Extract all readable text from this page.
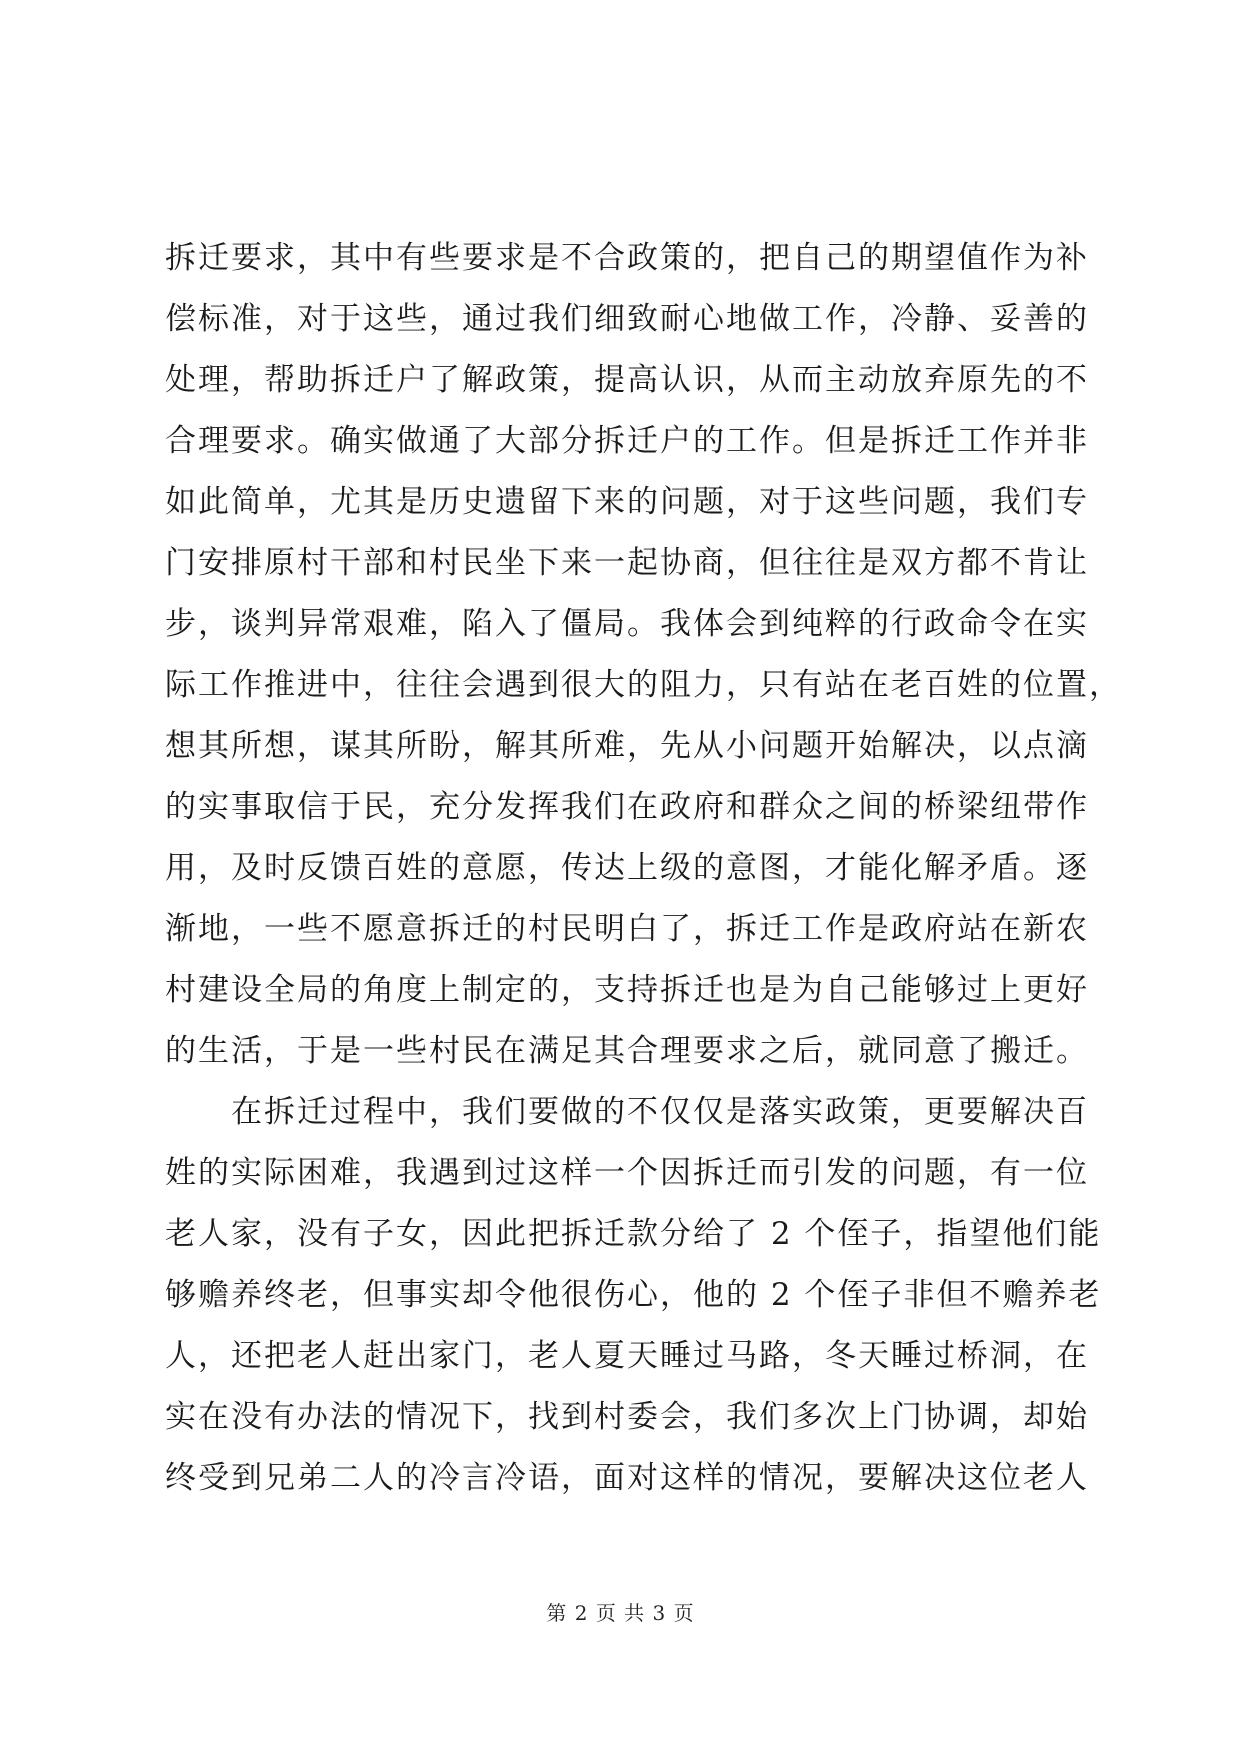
拆迁要求，其中有些要求是不合政策的，把自己的期望值作为补
偿标准，对于这些，通过我们细致耐心地做工作，冷静、妥善的
处理，帮助拆迁户了解政策，提高认识，从而主动放弃原先的不
合理要求。确实做通了大部分拆迁户的工作。但是拆迁工作并非
如此简单，尤其是历史遗留下来的问题，对于这些问题，我们专
门安排原村干部和村民坐下来一起协商，但往往是双方都不肯让
步，谈判异常艰难，陷入了僵局。我体会到纯粹的行政命令在实
际工作推进中，往往会遇到很大的阻力，只有站在老百姓的位置，
想其所想，谋其所盼，解其所难，先从小问题开始解决，以点滴
的实事取信于民，充分发挥我们在政府和群众之间的桥梁纽带作
用，及时反馈百姓的意愿，传达上级的意图，才能化解矛盾。逐
渐地，一些不愿意拆迁的村民明白了，拆迁工作是政府站在新农
村建设全局的角度上制定的，支持拆迁也是为自己能够过上更好
的生活，于是一些村民在满足其合理要求之后，就同意了搬迁。
　　在拆迁过程中，我们要做的不仅仅是落实政策，更要解决百
姓的实际困难，我遇到过这样一个因拆迁而引发的问题，有一位
老人家，没有子女，因此把拆迁款分给了 2 个侄子，指望他们能
够赡养终老，但事实却令他很伤心，他的 2 个侄子非但不赡养老
人，还把老人赶出家门，老人夏天睡过马路，冬天睡过桥洞，在
实在没有办法的情况下，找到村委会，我们多次上门协调，却始
终受到兄弟二人的冷言冷语，面对这样的情况，要解决这位老人
第 2 页 共 3 页
